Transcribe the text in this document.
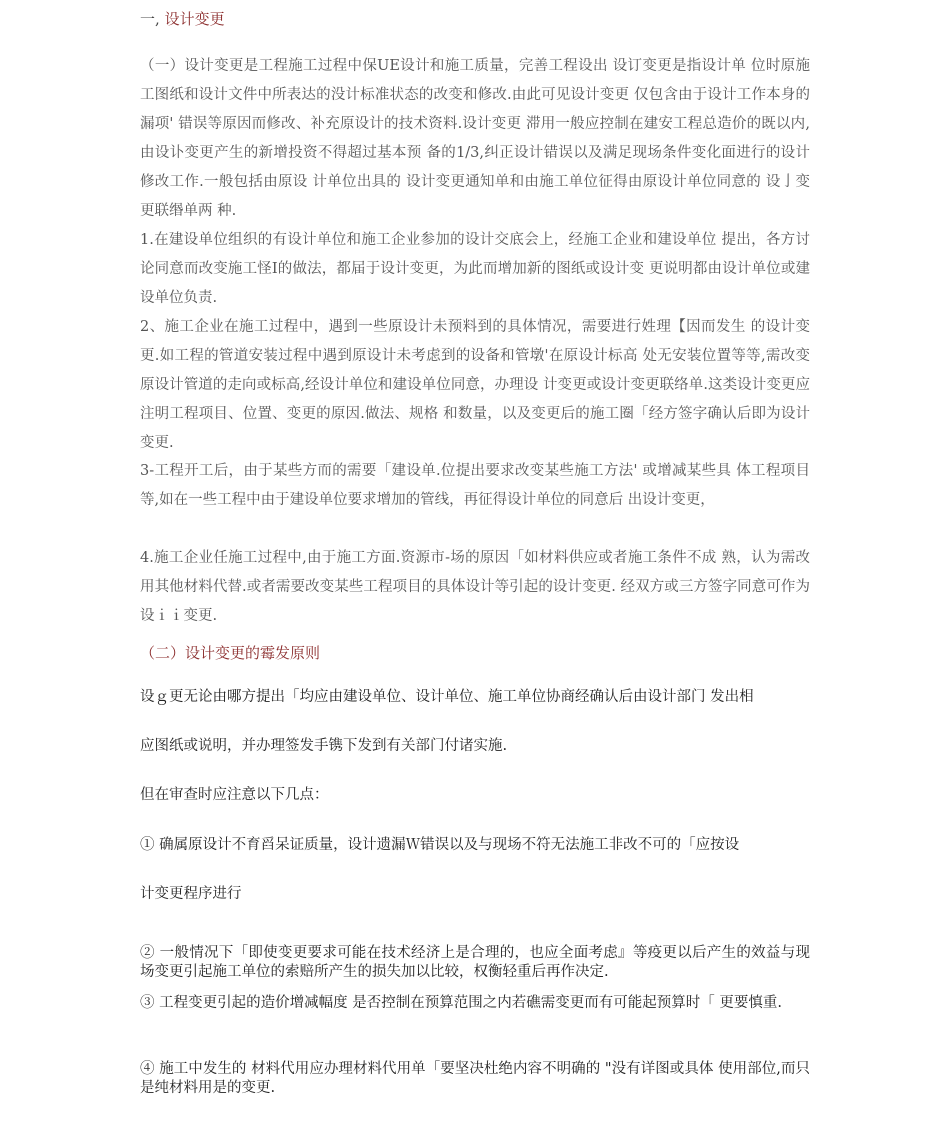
一, 设计变更
（一）设计变更是工程施工过程中保UE设计和施工质量，完善工程设出 设订变更是指设计单 位时原施工图纸和设计文件中所表达的没计标准状态的改变和修改.由此可见设计变更 仅包含由于设计工作本身的漏项' 错误等原因而修改、补充原设计的技术资料.设计变更 滞用一般应控制在建安工程总造价的既以内,由设讣变更产生的新增投资不得超过基本预 备的1/3,纠正设计错误以及满足现场条件变化面进行的设计修改工作.一般包括由原设 计单位出具的 设计变更通知单和由施工单位征得由原设计单位同意的 设亅变更联缗单两 种.
1.在建设单位组织的有设计单位和施工企业参加的设计交底会上，经施工企业和建设单位 提出，各方讨论同意而改变施工怪Ⅰ的做法，都届于设计变更，为此而增加新的图纸或设计变 更说明都由设计单位或建设单位负责.
2、施工企业在施工过程中，遇到一些原设计未预料到的具体情况，需要进行姓理【因而发生 的设计变更.如工程的管道安装过程中遇到原设计未考虑到的设备和管墩'在原设计标高 处无安装位置等等,需改变原设计管道的走向或标高,经设计单位和建设单位同意，办理设 计变更或设计变更联络单.这类设计变更应注明工程项目、位置、变更的原因.做法、规格 和数量，以及变更后的施工圈「经方签字确认后即为设计变更.
3-工程开工后，由于某些方而的需要「建设单.位提出要求改变某些施工方法' 或增减某些具 体工程项目等,如在一些工程中由于建设单位要求增加的管线，再征得设计单位的同意后 出设计变更，
4.施工企业任施工过程中,由于施工方面.资源市-场的原因「如材料供应或者施工条件不成 熟，认为需改用其他材料代替.或者需要改变某些工程项目的具体设计等引起的设计变更. 经双方或三方签字同意可作为设ｉｉ变更.
（二）设计变更的霉发原则
设ｇ更无论由哪方提出「均应由建设单位、设计单位、施工单位协商经确认后由设计部门 发出相
应图纸或说明，并办理签发手镌下发到有关部门付诸实施.
但在审查时应注意以下几点：
① 确属原设计不育舀呆证质量，设计遗漏Ｗ错误以及与现场不符无法施工非改不可的「应按设
计变更程序进行
② 一般情况下「即使变更要求可能在技术经济上是合理的，也应全面考虑』等疫更以后产生的效益与现场变更引起施工单位的索赔所产生的损失加以比较，权衡轻重后再作决定.
③ 工程变更引起的造价增减幅度 是否控制在预算范围之内若礁需变更而有可能起预算时「 更要慎重.
④ 施工中发生的 材料代用应办理材料代用单「要坚决杜绝内容不明确的 "没有详图或具体 使用部位,而只是纯材料用是的变更.
